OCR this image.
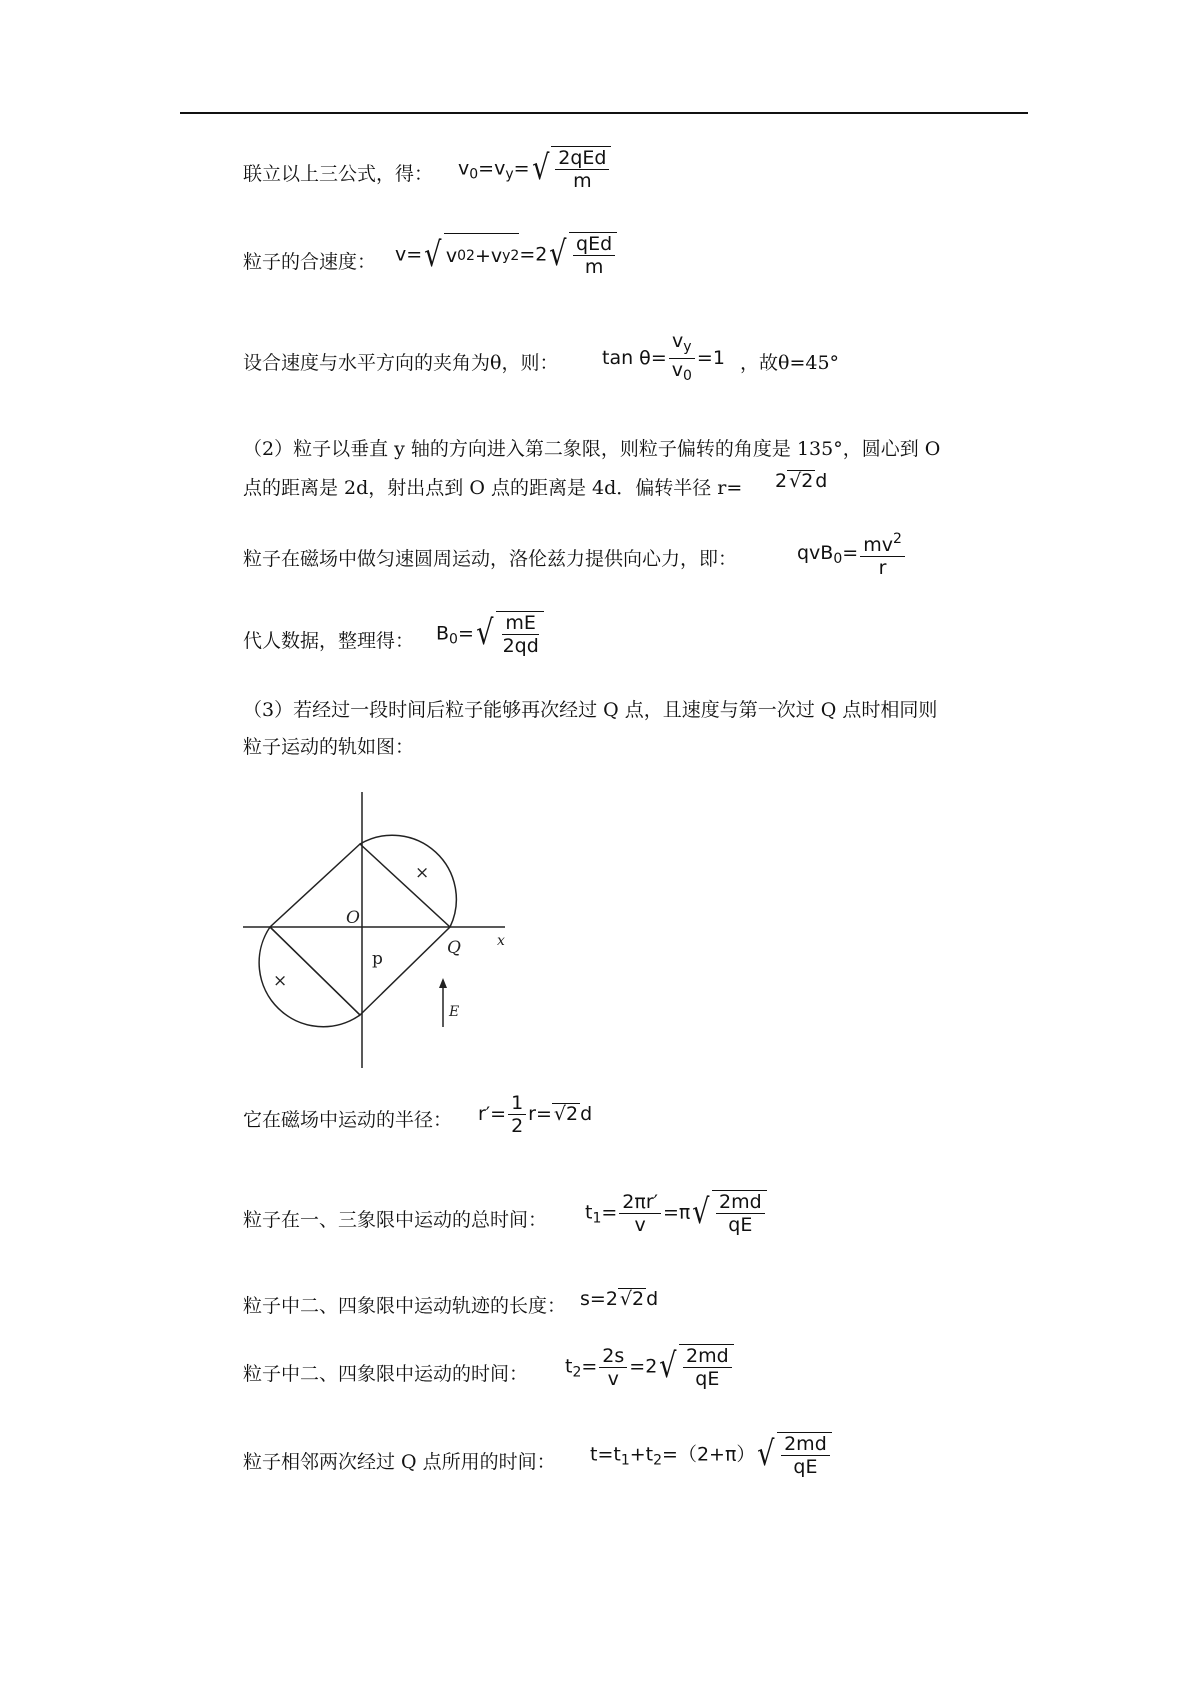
联立以上三公式，得： $v_0=v_y=$ √ $\frac{\text{2qEd}}{m}$
粒子的合速度： v= √ v 0 2 + v y 2 =2 √ $\frac{\text{qEd}}{m}$
设合速度与水平方向的夹角为θ，则： $\tan \theta= \frac{v_y}{v_0} =1$ ，故θ=45°
（2）粒子以垂直 y 轴的方向进入第二象限，则粒子偏转的角度是 135°，圆心到 O
点的距离是 2d，射出点到 O 点的距离是 4d．偏转半径 r= 2 √2 d
粒子在磁场中做匀速圆周运动，洛伦兹力提供向心力，即：	$qvB_0= \frac{mv^2}{r}$
代人数据，整理得： $B_0=$ √ $\frac{mE}{2qd}$
（3）若经过一段时间后粒子能够再次经过 Q 点，且速度与第一次过 Q 点时相同则
粒子运动的轨如图：
O
Q	x
p
E
×
×
它在磁场中运动的半径： $r'= \frac{1}{2} r= √2$ d
粒子在一、三象限中运动的总时间： $t_1= \frac{2\pi r'}{v} =\pi$ √ $\frac{2md}{qE}$
粒子中二、四象限中运动轨迹的长度： s=2 √2 d
粒子中二、四象限中运动的时间： $t_2= \frac{2s}{v} =2$ √ $\frac{2md}{qE}$
粒子相邻两次经过 Q 点所用的时间： $t=t_1+t_2=(2+\pi)$ √ $\frac{2md}{qE}$
